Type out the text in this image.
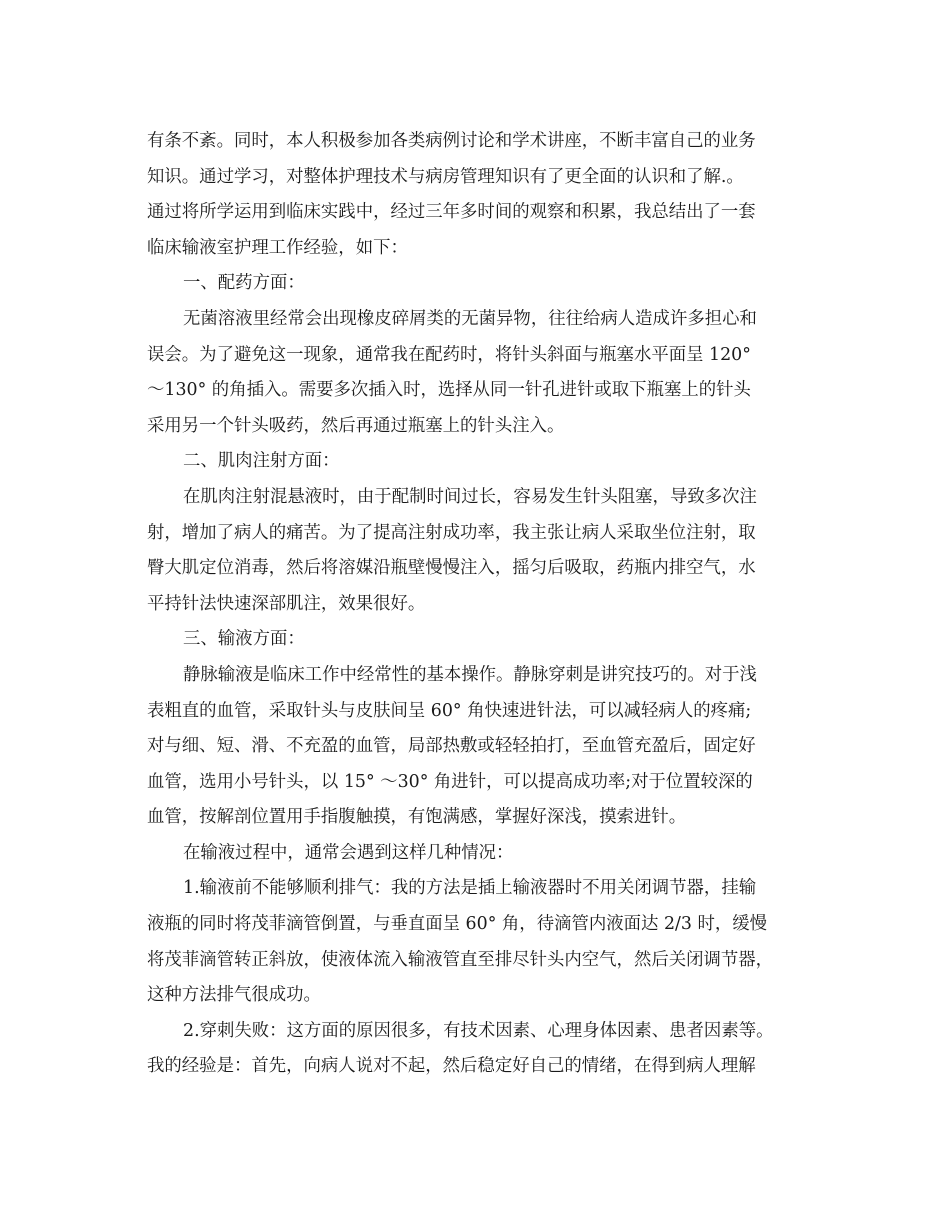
有条不紊。同时，本人积极参加各类病例讨论和学术讲座，不断丰富自己的业务
知识。通过学习，对整体护理技术与病房管理知识有了更全面的认识和了解.。
通过将所学运用到临床实践中，经过三年多时间的观察和积累，我总结出了一套
临床输液室护理工作经验，如下：
一、配药方面：
无菌溶液里经常会出现橡皮碎屑类的无菌异物，往往给病人造成许多担心和
误会。为了避免这一现象，通常我在配药时，将针头斜面与瓶塞水平面呈 120°
～130° 的角插入。需要多次插入时，选择从同一针孔进针或取下瓶塞上的针头
采用另一个针头吸药，然后再通过瓶塞上的针头注入。
二、肌肉注射方面：
在肌肉注射混悬液时，由于配制时间过长，容易发生针头阻塞，导致多次注
射，增加了病人的痛苦。为了提高注射成功率，我主张让病人采取坐位注射，取
臀大肌定位消毒，然后将溶媒沿瓶壁慢慢注入，摇匀后吸取，药瓶内排空气，水
平持针法快速深部肌注，效果很好。
三、输液方面：
静脉输液是临床工作中经常性的基本操作。静脉穿刺是讲究技巧的。对于浅
表粗直的血管，采取针头与皮肤间呈 60° 角快速进针法，可以减轻病人的疼痛;
对与细、短、滑、不充盈的血管，局部热敷或轻轻拍打，至血管充盈后，固定好
血管，选用小号针头，以 15° ～30° 角进针，可以提高成功率;对于位置较深的
血管，按解剖位置用手指腹触摸，有饱满感，掌握好深浅，摸索进针。
在输液过程中，通常会遇到这样几种情况：
1.输液前不能够顺利排气：我的方法是插上输液器时不用关闭调节器，挂输
液瓶的同时将茂菲滴管倒置，与垂直面呈 60° 角，待滴管内液面达 2/3 时，缓慢
将茂菲滴管转正斜放，使液体流入输液管直至排尽针头内空气，然后关闭调节器，
这种方法排气很成功。
2.穿刺失败：这方面的原因很多，有技术因素、心理身体因素、患者因素等。
我的经验是：首先，向病人说对不起，然后稳定好自己的情绪，在得到病人理解
